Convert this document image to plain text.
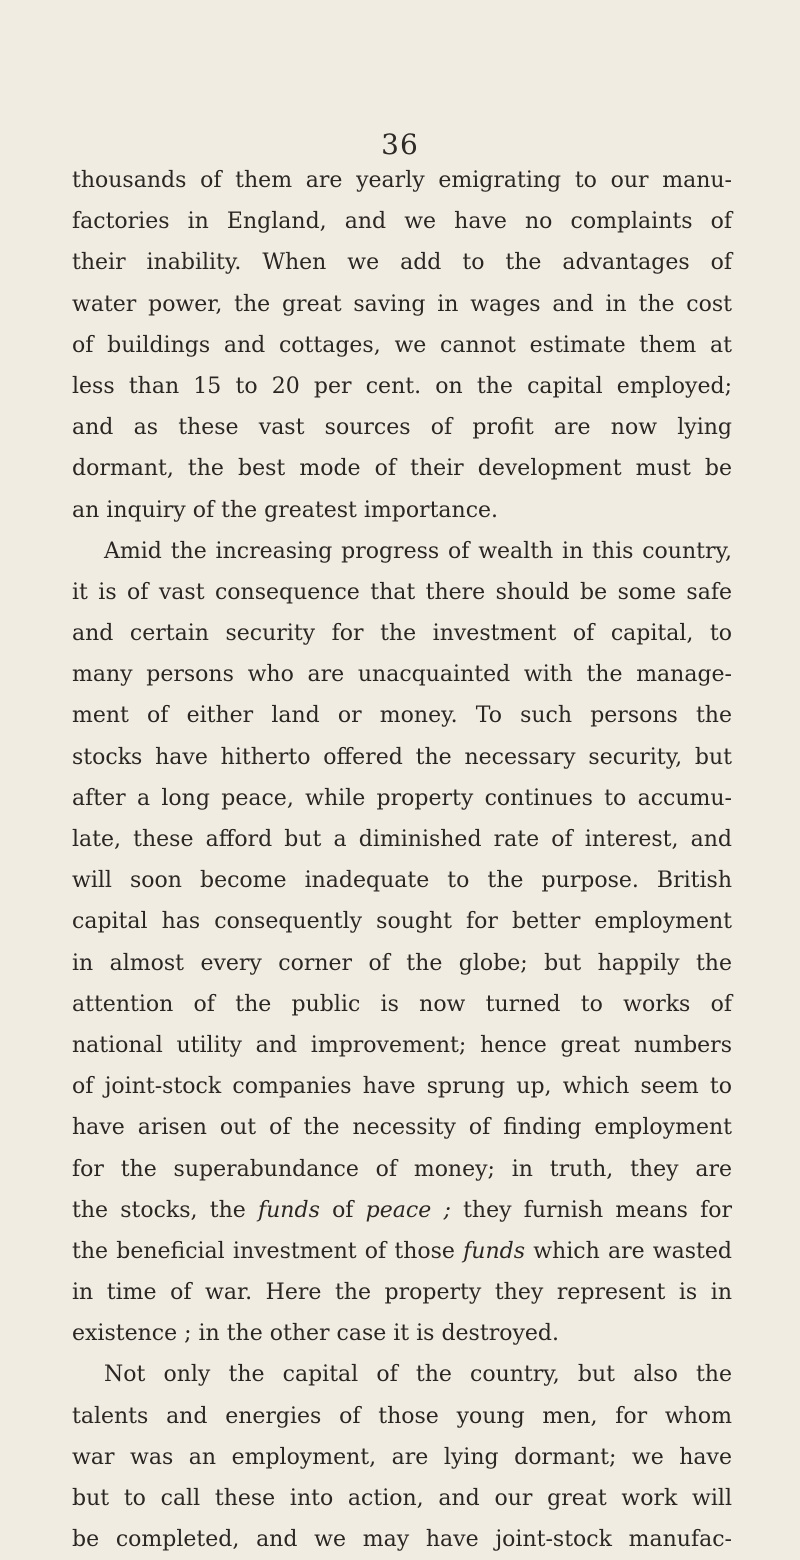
36
thousands of them are yearly emigrating to our manu-
factories in England, and we have no complaints of
their inability. When we add to the advantages of
water power, the great saving in wages and in the cost
of buildings and cottages, we cannot estimate them at
less than 15 to 20 per cent. on the capital employed;
and as these vast sources of profit are now lying
dormant, the best mode of their development must be
an inquiry of the greatest importance.
Amid the increasing progress of wealth in this country,
it is of vast consequence that there should be some safe
and certain security for the investment of capital, to
many persons who are unacquainted with the manage-
ment of either land or money. To such persons the
stocks have hitherto offered the necessary security, but
after a long peace, while property continues to accumu-
late, these afford but a diminished rate of interest, and
will soon become inadequate to the purpose. British
capital has consequently sought for better employment
in almost every corner of the globe; but happily the
attention of the public is now turned to works of
national utility and improvement; hence great numbers
of joint-stock companies have sprung up, which seem to
have arisen out of the necessity of finding employment
for the superabundance of money; in truth, they are
the stocks, the funds of peace ; they furnish means for
the beneficial investment of those funds which are wasted
in time of war. Here the property they represent is in
existence ; in the other case it is destroyed.
Not only the capital of the country, but also the
talents and energies of those young men, for whom
war was an employment, are lying dormant; we have
but to call these into action, and our great work will
be completed, and we may have joint-stock manufac-
